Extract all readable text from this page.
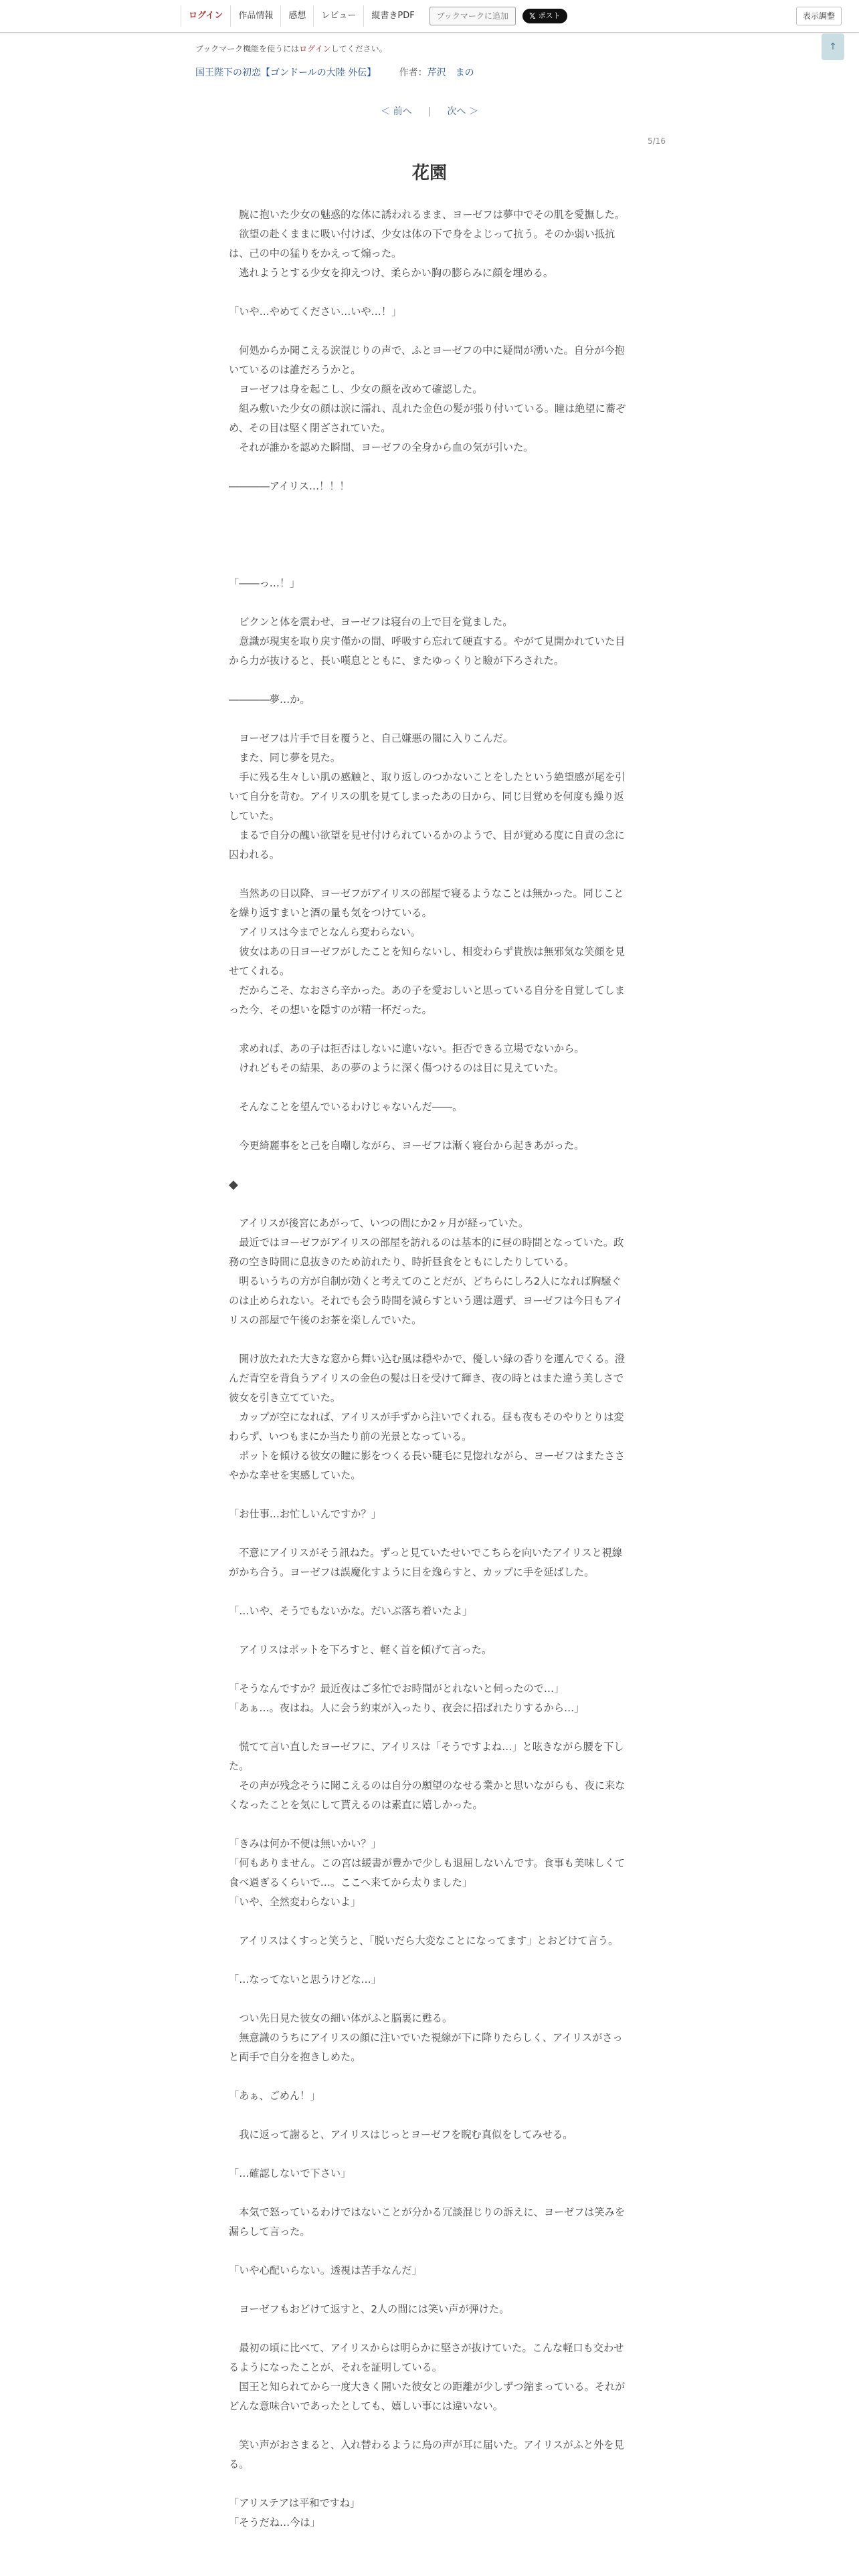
ログイン	作品情報	感想	レビュー	縦書きPDF	ブックマークに追加	𝕏 ポスト	表示調整
↑
ブックマーク機能を使うにはログインしてください。
国王陛下の初恋【ゴンドールの大陸 外伝】 作者：芹沢　まの
＜ 前へ | 次へ ＞
5/16
花園

　腕に抱いた少女の魅惑的な体に誘われるまま、ヨーゼフは夢中でその肌を愛撫した。

　欲望の赴くままに吸い付けば、少女は体の下で身をよじって抗う。そのか弱い抵抗は、己の中の猛りをかえって煽った。

　逃れようとする少女を抑えつけ、柔らかい胸の膨らみに顔を埋める。

「いや…やめてください…いや…！」

　何処からか聞こえる涙混じりの声で、ふとヨーゼフの中に疑問が湧いた。自分が今抱いているのは誰だろうかと。

　ヨーゼフは身を起こし、少女の顔を改めて確認した。

　組み敷いた少女の顔は涙に濡れ、乱れた金色の髪が張り付いている。瞳は絶望に蕎ぞめ、その目は堅く閉ざされていた。

　それが誰かを認めた瞬間、ヨーゼフの全身から血の気が引いた。

――――アイリス…！！！

「――っ…！」

　ビクンと体を震わせ、ヨーゼフは寝台の上で目を覚ました。

　意識が現実を取り戻す僅かの間、呼吸すら忘れて硬直する。やがて見開かれていた目から力が抜けると、長い嘆息とともに、またゆっくりと瞼が下ろされた。

――――夢…か。

　ヨーゼフは片手で目を覆うと、自己嫌悪の闇に入りこんだ。

　また、同じ夢を見た。

　手に残る生々しい肌の感触と、取り返しのつかないことをしたという絶望感が尾を引いて自分を苛む。アイリスの肌を見てしまったあの日から、同じ目覚めを何度も繰り返していた。

　まるで自分の醜い欲望を見せ付けられているかのようで、目が覚める度に自責の念に囚われる。

　当然あの日以降、ヨーゼフがアイリスの部屋で寝るようなことは無かった。同じことを繰り返すまいと酒の量も気をつけている。

　アイリスは今までとなんら変わらない。

　彼女はあの日ヨーゼフがしたことを知らないし、相変わらず貴族は無邪気な笑顔を見せてくれる。

　だからこそ、なおさら辛かった。あの子を愛おしいと思っている自分を自覚してしまった今、その想いを隠すのが精一杯だった。

　求めれば、あの子は拒否はしないに違いない。拒否できる立場でないから。

　けれどもその結果、あの夢のように深く傷つけるのは目に見えていた。

　そんなことを望んでいるわけじゃないんだ――。

　今更綺麗事をと己を自嘲しながら、ヨーゼフは漸く寝台から起きあがった。

◆

　アイリスが後宮にあがって、いつの間にか2ヶ月が経っていた。

　最近ではヨーゼフがアイリスの部屋を訪れるのは基本的に昼の時間となっていた。政務の空き時間に息抜きのため訪れたり、時折昼食をともにしたりしている。

　明るいうちの方が自制が効くと考えてのことだが、どちらにしろ2人になれば胸騒ぐのは止められない。それでも会う時間を減らすという選は選ず、ヨーゼフは今日もアイリスの部屋で午後のお茶を楽しんでいた。

　開け放たれた大きな窓から舞い込む風は穏やかで、優しい緑の香りを運んでくる。澄んだ青空を背負うアイリスの金色の髪は日を受けて輝き、夜の時とはまた違う美しさで彼女を引き立てていた。

　カップが空になれば、アイリスが手ずから注いでくれる。昼も夜もそのやりとりは変わらず、いつもまにか当たり前の光景となっている。

　ポットを傾ける彼女の瞳に影をつくる長い睫毛に見惚れながら、ヨーゼフはまたささやかな幸せを実感していた。

「お仕事…お忙しいんですか？」

　不意にアイリスがそう訊ねた。ずっと見ていたせいでこちらを向いたアイリスと視線がかち合う。ヨーゼフは誤魔化すように目を逸らすと、カップに手を延ばした。

「…いや、そうでもないかな。だいぶ落ち着いたよ」

　アイリスはポットを下ろすと、軽く首を傾げて言った。

「そうなんですか？最近夜はご多忙でお時間がとれないと伺ったので…」

「あぁ…。夜はね。人に会う約束が入ったり、夜会に招ばれたりするから…」

　慌てて言い直したヨーゼフに、アイリスは「そうですよね…」と呟きながら腰を下した。

　その声が残念そうに聞こえるのは自分の願望のなせる業かと思いながらも、夜に来なくなったことを気にして貰えるのは素直に嬉しかった。

「きみは何か不便は無いかい？」

「何もありません。この宮は緩書が豊かで少しも退屈しないんです。食事も美味しくて食べ過ぎるくらいで…。ここへ来てから太りました」

「いや、全然変わらないよ」

　アイリスはくすっと笑うと、「脱いだら大変なことになってます」とおどけて言う。

「…なってないと思うけどな…」

　つい先日見た彼女の細い体がふと脳裏に甦る。

　無意識のうちにアイリスの顔に注いでいた視線が下に降りたらしく、アイリスがさっと両手で自分を抱きしめた。

「あぁ、ごめん！」

　我に返って謝ると、アイリスはじっとヨーゼフを睨む真似をしてみせる。

「…確認しないで下さい」

　本気で怒っているわけではないことが分かる冗談混じりの訴えに、ヨーゼフは笑みを漏らして言った。

「いや心配いらない。透視は苦手なんだ」

　ヨーゼフもおどけて返すと、2人の間には笑い声が弾けた。

　最初の頃に比べて、アイリスからは明らかに堅さが抜けていた。こんな軽口も交わせるようになったことが、それを証明している。

　国王と知られてから一度大きく開いた彼女との距離が少しずつ縮まっている。それがどんな意味合いであったとしても、嬉しい事には違いない。

　笑い声がおさまると、入れ替わるように鳥の声が耳に届いた。アイリスがふと外を見る。

「アリステアは平和ですね」

「そうだね…今は」
